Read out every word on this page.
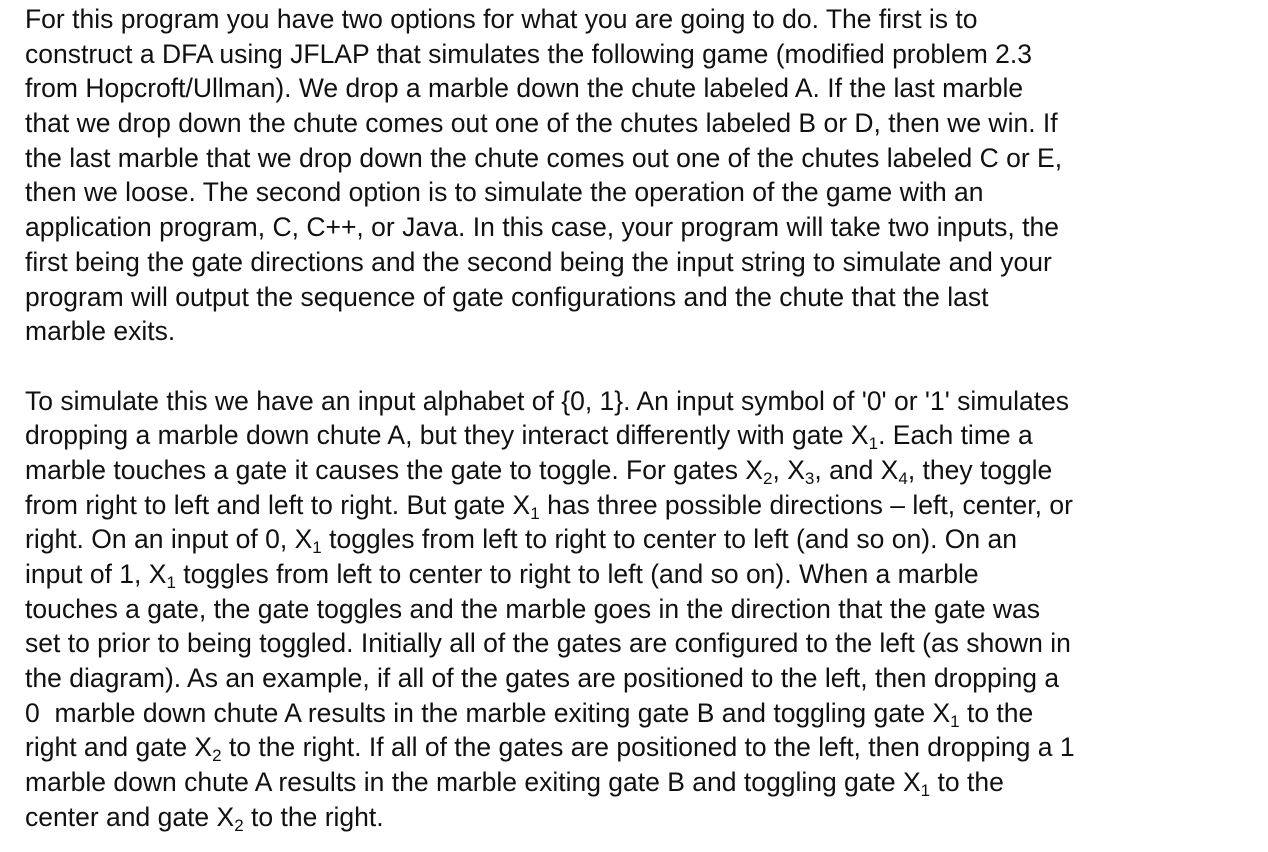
For this program you have two options for what you are going to do. The first is to
construct a DFA using JFLAP that simulates the following game (modified problem 2.3
from Hopcroft/Ullman). We drop a marble down the chute labeled A. If the last marble
that we drop down the chute comes out one of the chutes labeled B or D, then we win. If
the last marble that we drop down the chute comes out one of the chutes labeled C or E,
then we loose. The second option is to simulate the operation of the game with an
application program, C, C++, or Java. In this case, your program will take two inputs, the
first being the gate directions and the second being the input string to simulate and your
program will output the sequence of gate configurations and the chute that the last
marble exits.
To simulate this we have an input alphabet of {0, 1}. An input symbol of '0' or '1' simulates
dropping a marble down chute A, but they interact differently with gate $X_1$. Each time a
marble touches a gate it causes the gate to toggle. For gates $X_2$, $X_3$, and $X_4$, they toggle
from right to left and left to right. But gate $X_1$ has three possible directions – left, center, or
right. On an input of 0, $X_1$ toggles from left to right to center to left (and so on). On an
input of 1, $X_1$ toggles from left to center to right to left (and so on). When a marble
touches a gate, the gate toggles and the marble goes in the direction that the gate was
set to prior to being toggled. Initially all of the gates are configured to the left (as shown in
the diagram). As an example, if all of the gates are positioned to the left, then dropping a
0  marble down chute A results in the marble exiting gate B and toggling gate $X_1$ to the
right and gate $X_2$ to the right. If all of the gates are positioned to the left, then dropping a 1
marble down chute A results in the marble exiting gate B and toggling gate $X_1$ to the
center and gate $X_2$ to the right.
